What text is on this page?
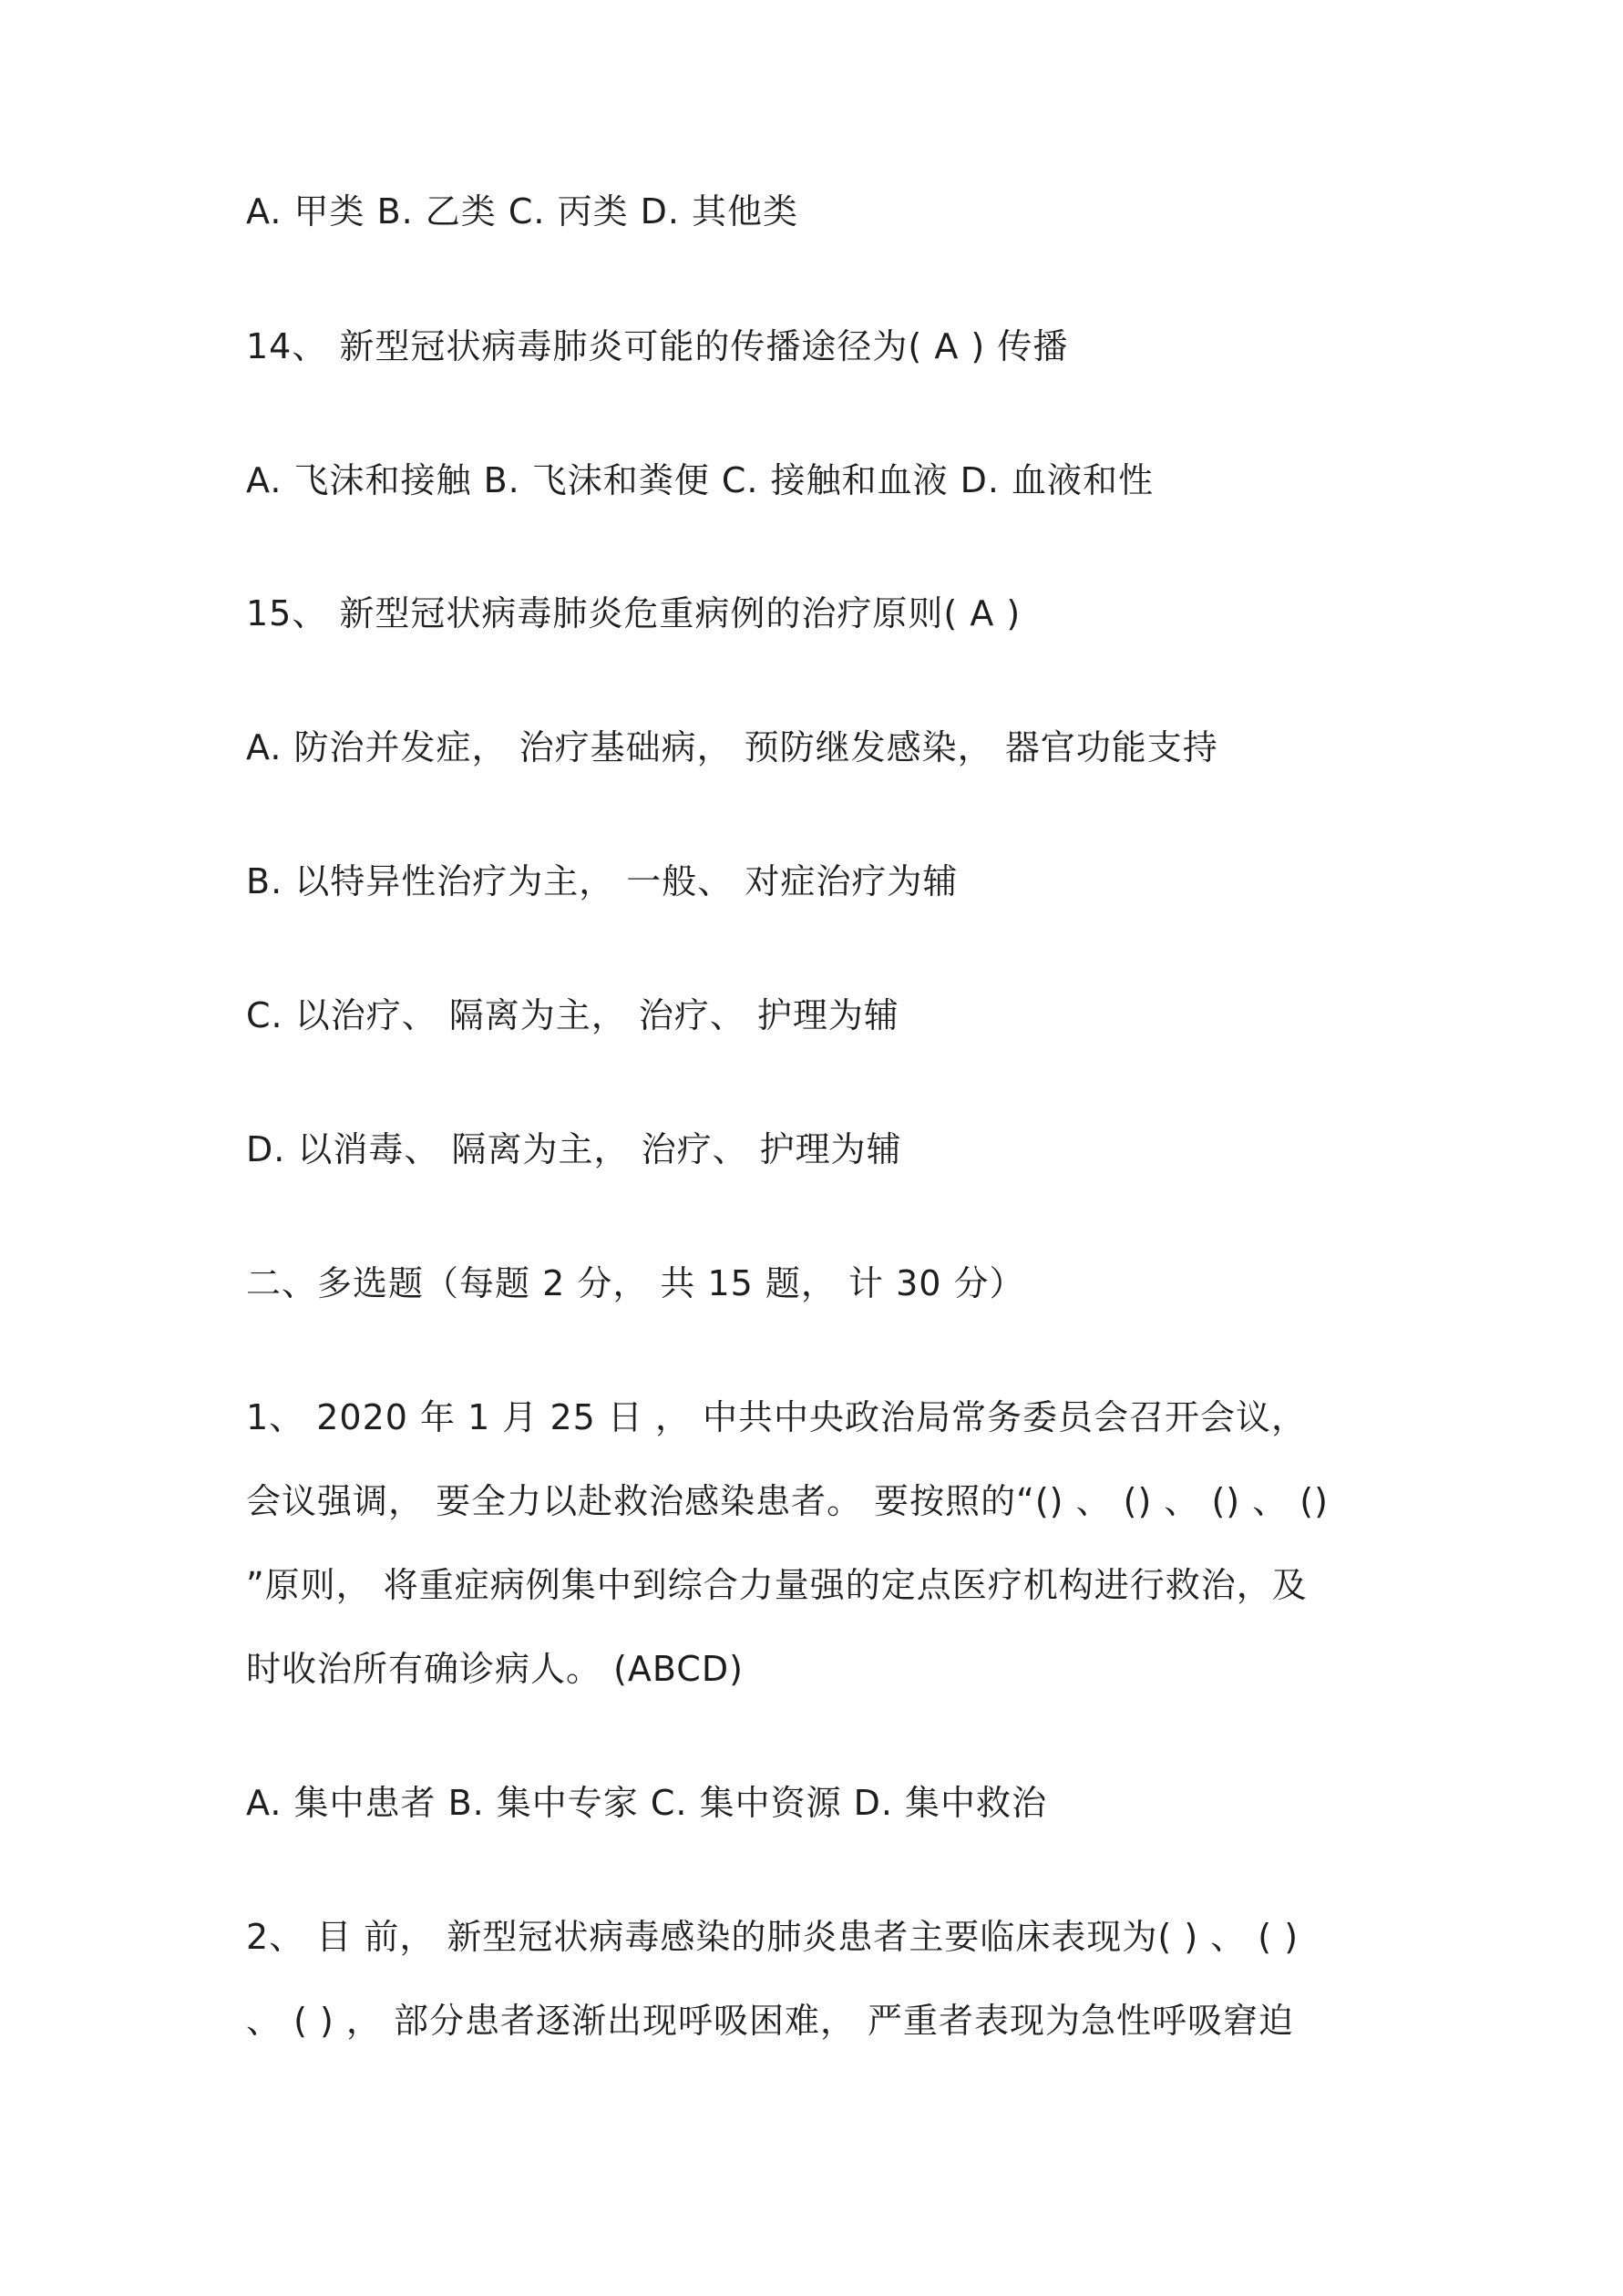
A. 甲类 B. 乙类 C. 丙类 D. 其他类
14、 新型冠状病毒肺炎可能的传播途径为( A ) 传播
A. 飞沫和接触 B. 飞沫和粪便 C. 接触和血液 D. 血液和性
15、 新型冠状病毒肺炎危重病例的治疗原则( A )
A. 防治并发症， 治疗基础病， 预防继发感染， 器官功能支持
B. 以特异性治疗为主， 一般、 对症治疗为辅
C. 以治疗、 隔离为主， 治疗、 护理为辅
D. 以消毒、 隔离为主， 治疗、 护理为辅
二、多选题（每题 2 分， 共 15 题， 计 30 分）
1、 2020 年 1 月 25 日 ， 中共中央政治局常务委员会召开会议，
会议强调， 要全力以赴救治感染患者。 要按照的“() 、 () 、 () 、 ()
”原则， 将重症病例集中到综合力量强的定点医疗机构进行救治，及
时收治所有确诊病人。 (ABCD)
A. 集中患者 B. 集中专家 C. 集中资源 D. 集中救治
2、 目 前， 新型冠状病毒感染的肺炎患者主要临床表现为( ) 、 ( )
、 ( ) ， 部分患者逐渐出现呼吸困难， 严重者表现为急性呼吸窘迫
